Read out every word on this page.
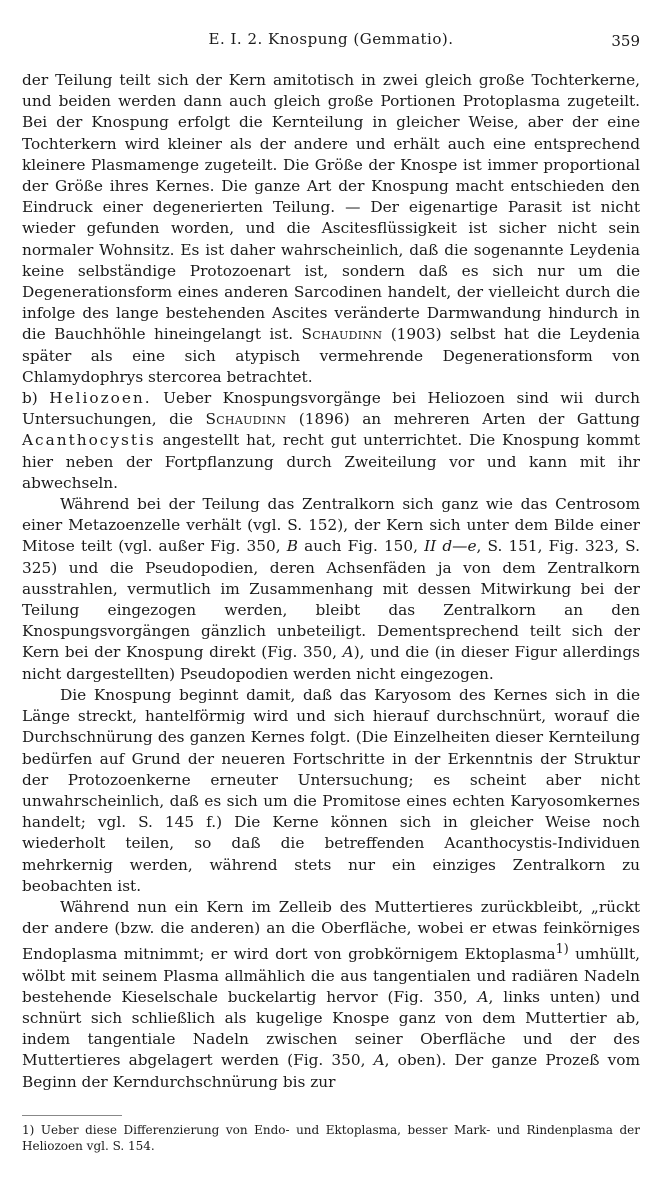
E. I. 2. Knospung (Gemmatio).	359

der Teilung teilt sich der Kern amitotisch in zwei gleich große Tochterkerne, und beiden werden dann auch gleich große Portionen Protoplasma zugeteilt. Bei der Knospung erfolgt die Kernteilung in gleicher Weise, aber der eine Tochterkern wird kleiner als der andere und erhält auch eine entsprechend kleinere Plasmamenge zugeteilt. Die Größe der Knospe ist immer proportional der Größe ihres Kernes. Die ganze Art der Knospung macht entschieden den Eindruck einer degenerierten Teilung. — Der eigenartige Parasit ist nicht wieder gefunden worden, und die Ascitesflüssigkeit ist sicher nicht sein normaler Wohnsitz. Es ist daher wahrscheinlich, daß die sogenannte Leydenia keine selbständige Protozoenart ist, sondern daß es sich nur um die Degenerationsform eines anderen Sarcodinen handelt, der vielleicht durch die infolge des lange bestehenden Ascites veränderte Darmwandung hindurch in die Bauchhöhle hineingelangt ist. Schaudinn (1903) selbst hat die Leydenia später als eine sich atypisch vermehrende Degenerationsform von Chlamydophrys stercorea betrachtet.

b) Heliozoen. Ueber Knospungsvorgänge bei Heliozoen sind wii durch Untersuchungen, die Schaudinn (1896) an mehreren Arten der Gattung Acanthocystis angestellt hat, recht gut unterrichtet. Die Knospung kommt hier neben der Fortpflanzung durch Zweiteilung vor und kann mit ihr abwechseln.

Während bei der Teilung das Zentralkorn sich ganz wie das Centrosom einer Metazoenzelle verhält (vgl. S. 152), der Kern sich unter dem Bilde einer Mitose teilt (vgl. außer Fig. 350, B auch Fig. 150, II d—e, S. 151, Fig. 323, S. 325) und die Pseudopodien, deren Achsenfäden ja von dem Zentralkorn ausstrahlen, vermutlich im Zusammenhang mit dessen Mitwirkung bei der Teilung eingezogen werden, bleibt das Zentralkorn an den Knospungsvorgängen gänzlich unbeteiligt. Dementsprechend teilt sich der Kern bei der Knospung direkt (Fig. 350, A), und die (in dieser Figur allerdings nicht dargestellten) Pseudopodien werden nicht eingezogen.

Die Knospung beginnt damit, daß das Karyosom des Kernes sich in die Länge streckt, hantelförmig wird und sich hierauf durchschnürt, worauf die Durchschnürung des ganzen Kernes folgt. (Die Einzelheiten dieser Kernteilung bedürfen auf Grund der neueren Fortschritte in der Erkenntnis der Struktur der Protozoenkerne erneuter Untersuchung; es scheint aber nicht unwahrscheinlich, daß es sich um die Promitose eines echten Karyosomkernes handelt; vgl. S. 145 f.) Die Kerne können sich in gleicher Weise noch wiederholt teilen, so daß die betreffenden Acanthocystis-Individuen mehrkernig werden, während stets nur ein einziges Zentralkorn zu beobachten ist.

Während nun ein Kern im Zelleib des Muttertieres zurückbleibt, „rückt der andere (bzw. die anderen) an die Oberfläche, wobei er etwas feinkörniges Endoplasma mitnimmt; er wird dort von grobkörnigem Ektoplasma$^{1)}$ umhüllt, wölbt mit seinem Plasma allmählich die aus tangentialen und radiären Nadeln bestehende Kieselschale buckelartig hervor (Fig. 350, A, links unten) und schnürt sich schließlich als kugelige Knospe ganz von dem Muttertier ab, indem tangentiale Nadeln zwischen seiner Oberfläche und der des Muttertieres abgelagert werden (Fig. 350, A, oben). Der ganze Prozeß vom Beginn der Kerndurchschnürung bis zur

1) Ueber diese Differenzierung von Endo- und Ektoplasma, besser Mark- und Rindenplasma der Heliozoen vgl. S. 154.
